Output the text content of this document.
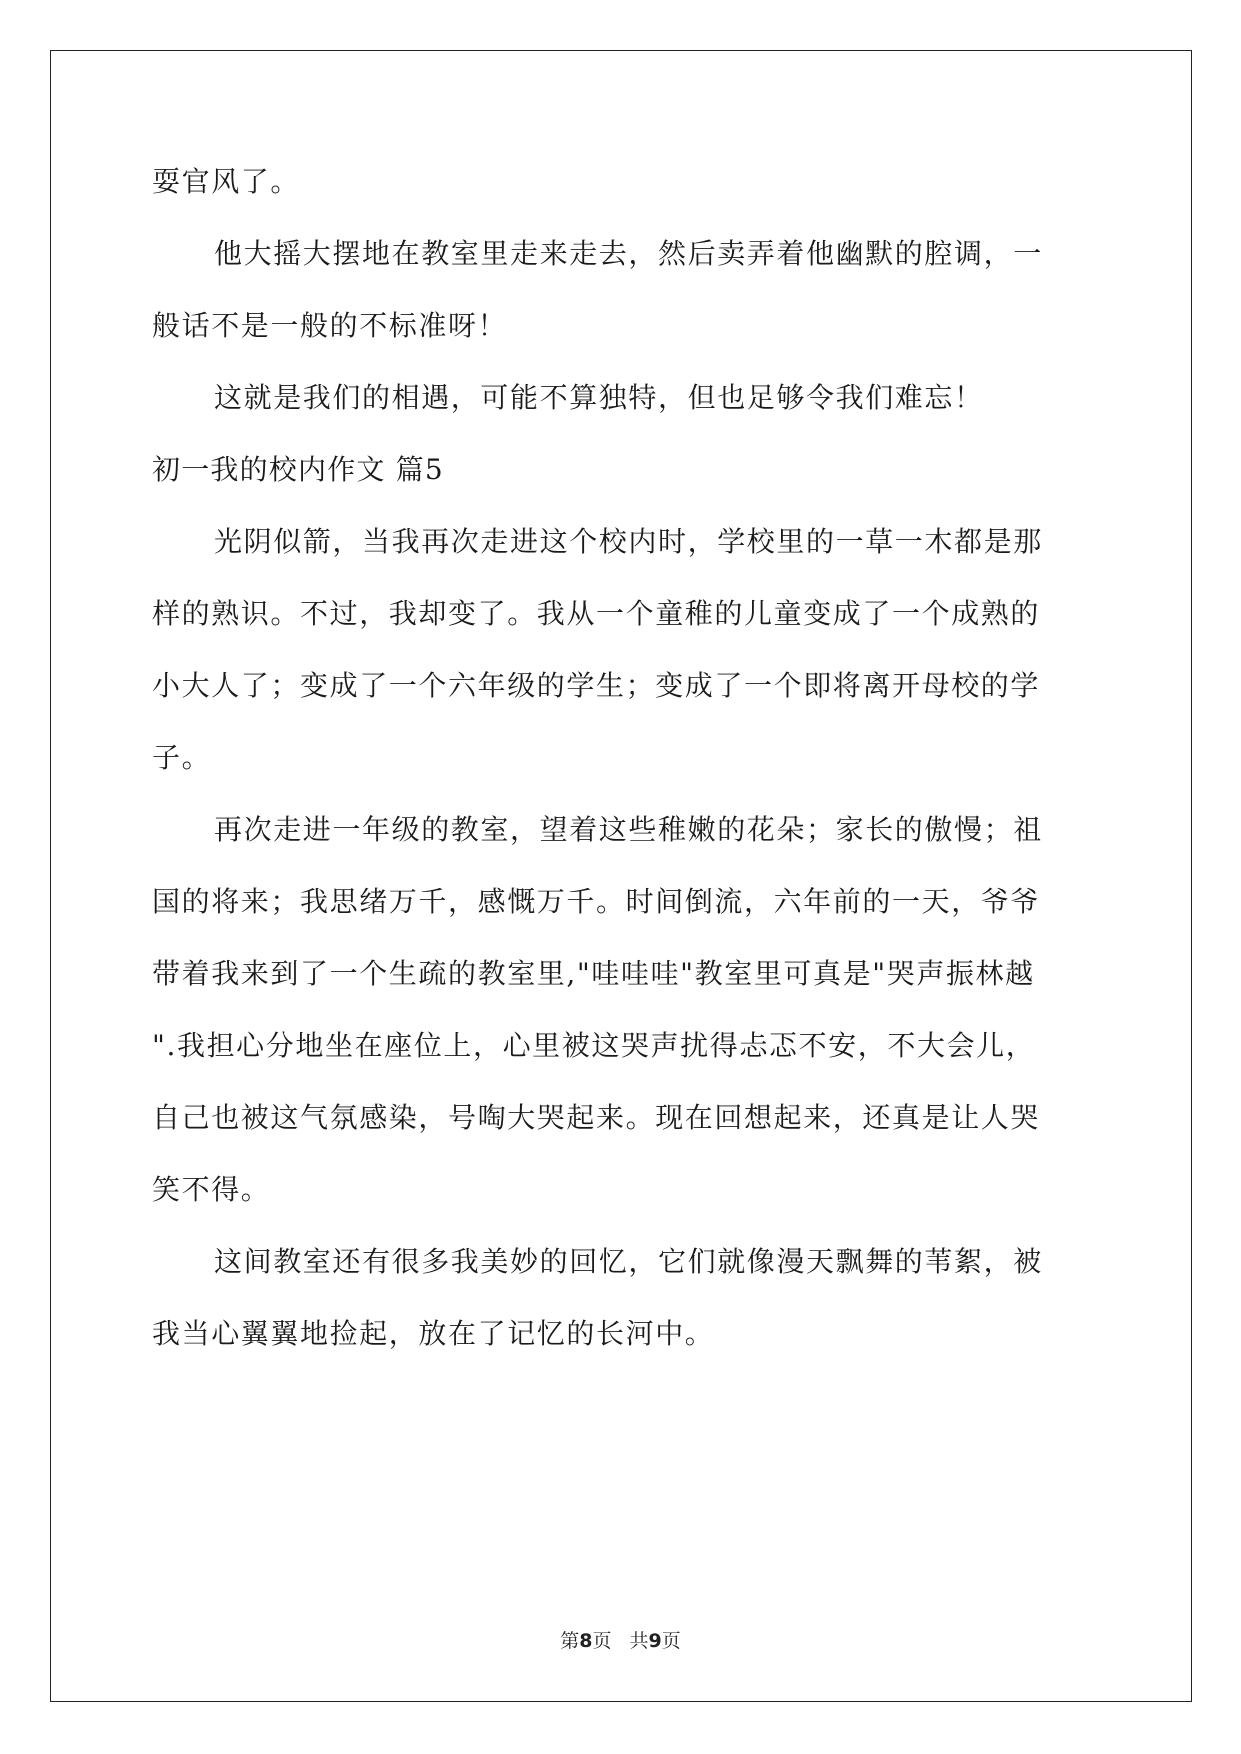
耍官风了。

他大摇大摆地在教室里走来走去，然后卖弄着他幽默的腔调，一

般话不是一般的不标准呀！

这就是我们的相遇，可能不算独特，但也足够令我们难忘！

初一我的校内作文 篇5

光阴似箭，当我再次走进这个校内时，学校里的一草一木都是那

样的熟识。不过，我却变了。我从一个童稚的儿童变成了一个成熟的

小大人了；变成了一个六年级的学生；变成了一个即将离开母校的学

子。

再次走进一年级的教室，望着这些稚嫩的花朵；家长的傲慢；祖

国的将来；我思绪万千，感慨万千。时间倒流，六年前的一天，爷爷

带着我来到了一个生疏的教室里,"哇哇哇"教室里可真是"哭声振林越

".我担心分地坐在座位上，心里被这哭声扰得忐忑不安，不大会儿，

自己也被这气氛感染，号啕大哭起来。现在回想起来，还真是让人哭

笑不得。

这间教室还有很多我美妙的回忆，它们就像漫天飘舞的苇絮，被

我当心翼翼地捡起，放在了记忆的长河中。

第8页 共9页
